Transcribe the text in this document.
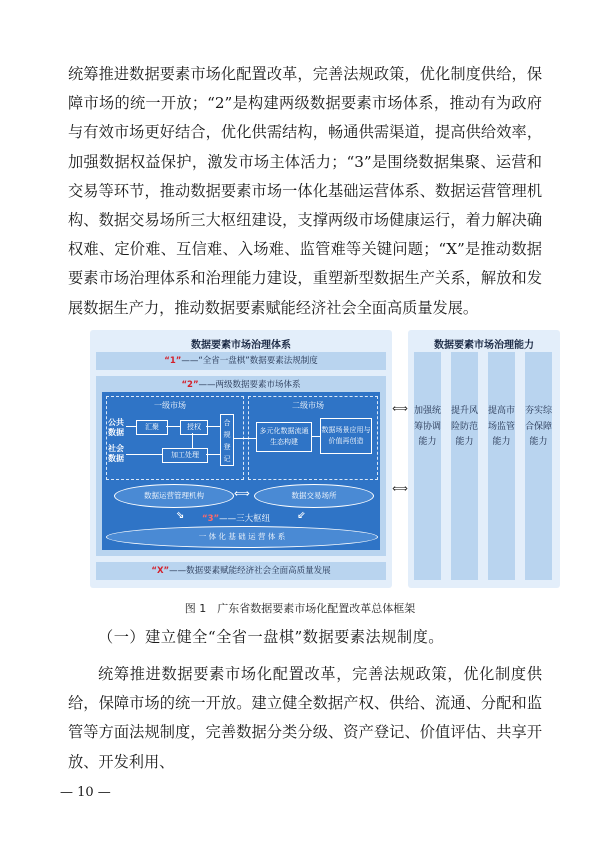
统筹推进数据要素市场化配置改革，完善法规政策，优化制度供给，保障市场的统一开放；“2”是构建两级数据要素市场体系，推动有为政府与有效市场更好结合，优化供需结构，畅通供需渠道，提高供给效率，加强数据权益保护，激发市场主体活力；“3”是围绕数据集聚、运营和交易等环节，推动数据要素市场一体化基础运营体系、数据运营管理机构、数据交易场所三大枢纽建设，支撑两级市场健康运行，着力解决确权难、定价难、互信难、入场难、监管难等关键问题；“X”是推动数据要素市场治理体系和治理能力建设，重塑新型数据生产关系，解放和发展数据生产力，推动数据要素赋能经济社会全面高质量发展。

数据要素市场治理体系
“1”——“全省一盘棋”数据要素法规制度
“2”——两级数据要素市场体系
一级市场	二级市场
公共数据
社会数据
汇聚	授权
加工处理
合规登记
多元化数据流通生态构建
数据场景应用与价值再创造
数据运营管理机构	⟺	数据交易场所
⇘	⇙
“3”——三大枢纽
一 体 化 基 础 运 营 体 系
“X”——数据要素赋能经济社会全面高质量发展
⟺
⟺
数据要素市场治理能力
加强统筹协调能力
提升风险防范能力
提高市场监管能力
夯实综合保障能力
图 1　广东省数据要素市场化配置改革总体框架

（一）建立健全“全省一盘棋”数据要素法规制度。

统筹推进数据要素市场化配置改革，完善法规政策，优化制度供给，保障市场的统一开放。建立健全数据产权、供给、流通、分配和监管等方面法规制度，完善数据分类分级、资产登记、价值评估、共享开放、开发利用、

— 10 —
